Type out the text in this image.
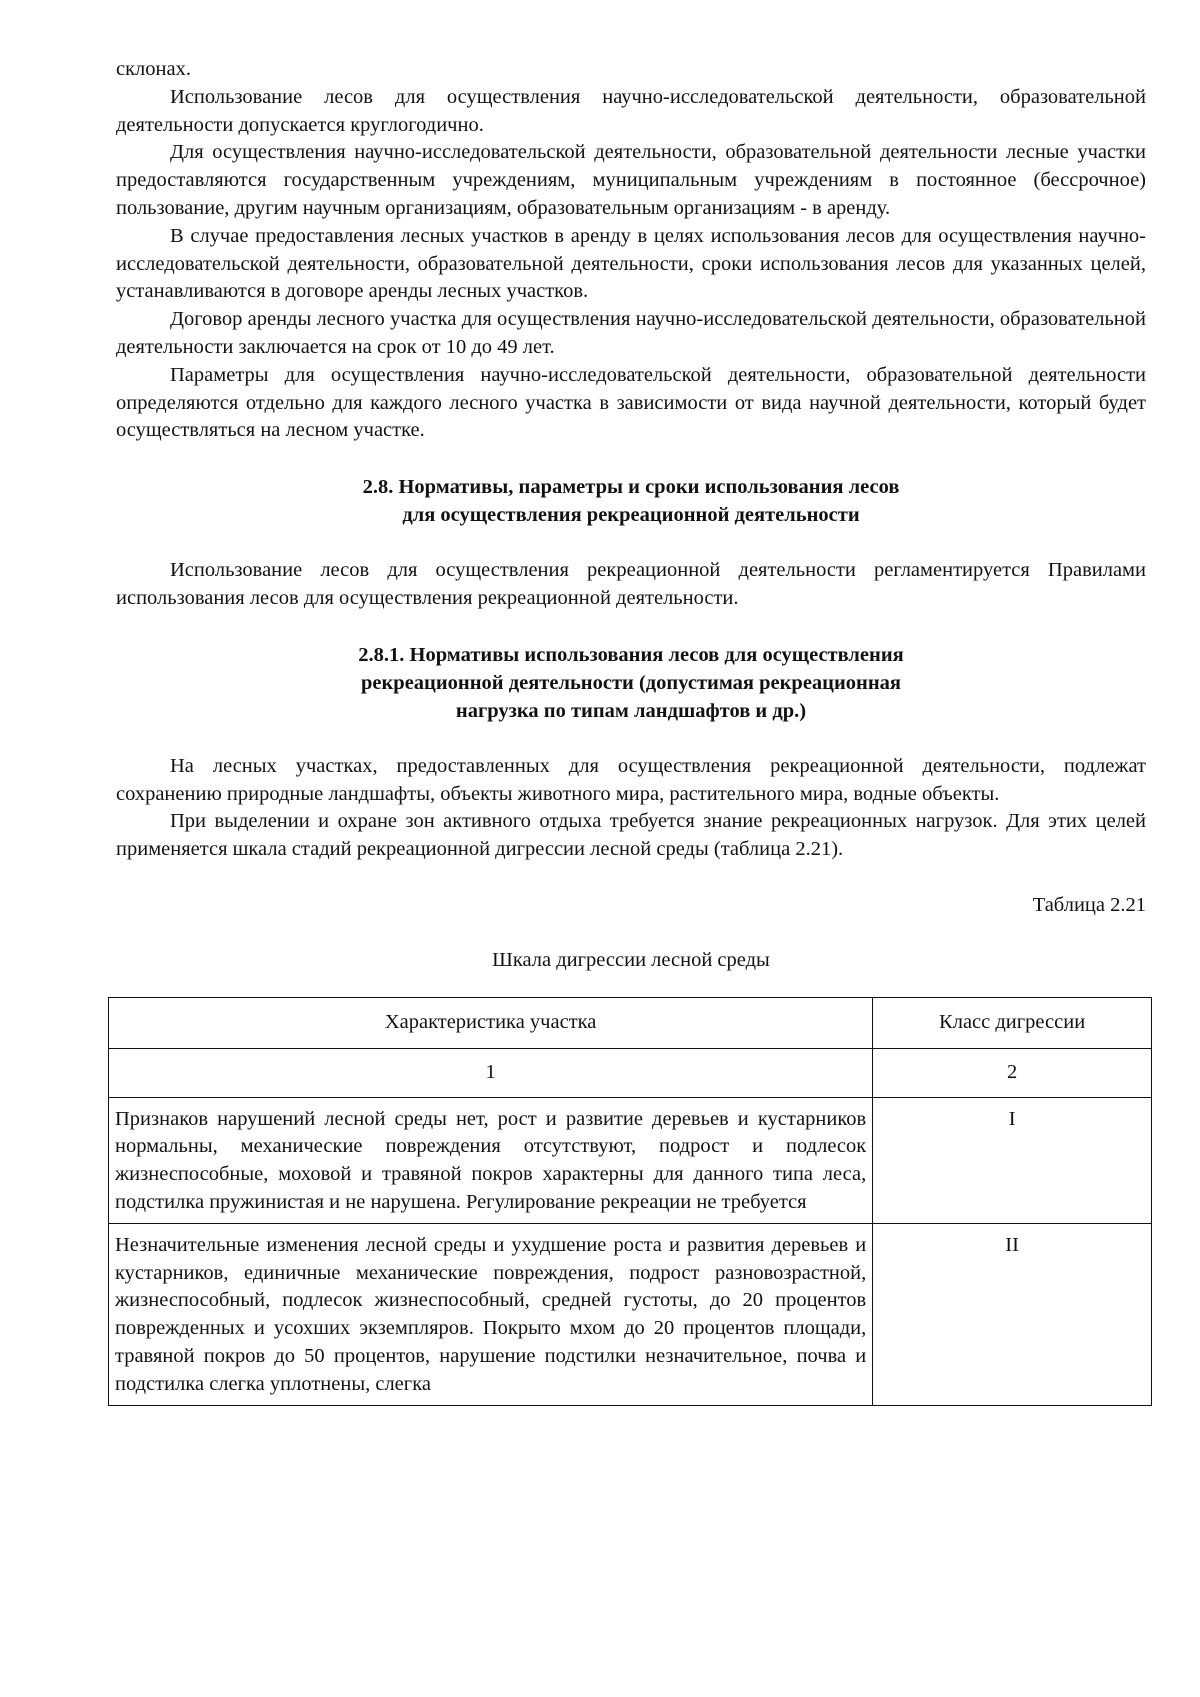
склонах.

Использование лесов для осуществления научно-исследовательской деятельности, образовательной деятельности допускается круглогодично.

Для осуществления научно-исследовательской деятельности, образовательной деятельности лесные участки предоставляются государственным учреждениям, муниципальным учреждениям в постоянное (бессрочное) пользование, другим научным организациям, образовательным организациям - в аренду.

В случае предоставления лесных участков в аренду в целях использования лесов для осуществления научно-исследовательской деятельности, образовательной деятельности, сроки использования лесов для указанных целей, устанавливаются в договоре аренды лесных участков.

Договор аренды лесного участка для осуществления научно-исследовательской деятельности, образовательной деятельности заключается на срок от 10 до 49 лет.

Параметры для осуществления научно-исследовательской деятельности, образовательной деятельности определяются отдельно для каждого лесного участка в зависимости от вида научной деятельности, который будет осуществляться на лесном участке.

2.8. Нормативы, параметры и сроки использования лесов
для осуществления рекреационной деятельности

Использование лесов для осуществления рекреационной деятельности регламентируется Правилами использования лесов для осуществления рекреационной деятельности.

2.8.1. Нормативы использования лесов для осуществления
рекреационной деятельности (допустимая рекреационная
нагрузка по типам ландшафтов и др.)

На лесных участках, предоставленных для осуществления рекреационной деятельности, подлежат сохранению природные ландшафты, объекты животного мира, растительного мира, водные объекты.

При выделении и охране зон активного отдыха требуется знание рекреационных нагрузок. Для этих целей применяется шкала стадий рекреационной дигрессии лесной среды (таблица 2.21).

Таблица 2.21

Шкала дигрессии лесной среды

Характеристика участка	Класс дигрессии
1	2
Признаков нарушений лесной среды нет, рост и развитие деревьев и кустарников нормальны, механические повреждения отсутствуют, подрост и подлесок жизнеспособные, моховой и травяной покров характерны для данного типа леса, подстилка пружинистая и не нарушена. Регулирование рекреации не требуется	I
Незначительные изменения лесной среды и ухудшение роста и развития деревьев и кустарников, единичные механические повреждения, подрост разновозрастной, жизнеспособный, подлесок жизнеспособный, средней густоты, до 20 процентов поврежденных и усохших экземпляров. Покрыто мхом до 20 процентов площади, травяной покров до 50 процентов, нарушение подстилки незначительное, почва и подстилка слегка уплотнены, слегка	II
